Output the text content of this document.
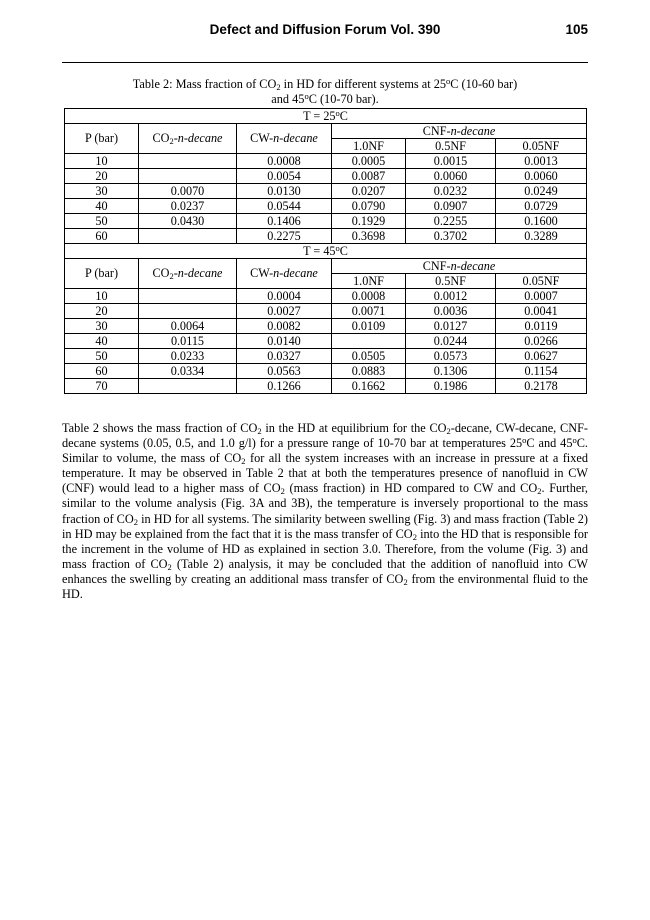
Defect and Diffusion Forum Vol. 390	105
Table 2: Mass fraction of $CO_2$ in HD for different systems at 25$^o$C (10-60 bar)
and 45$^o$C (10-70 bar).
$T = 25^oC$					
P (bar)	$CO_2-n$-decane	CW-n-decane	CNF-n-decane		
			1.0NF	0.5NF	0.05NF
10		0.0008	0.0005	0.0015	0.0013
20		0.0054	0.0087	0.0060	0.0060
30	0.0070	0.0130	0.0207	0.0232	0.0249
40	0.0237	0.0544	0.0790	0.0907	0.0729
50	0.0430	0.1406	0.1929	0.2255	0.1600
60		0.2275	0.3698	0.3702	0.3289
$T = 45^oC$					
P (bar)	$CO_2-n$-decane	CW-n-decane	CNF-n-decane		
			1.0NF	0.5NF	0.05NF
10		0.0004	0.0008	0.0012	0.0007
20		0.0027	0.0071	0.0036	0.0041
30	0.0064	0.0082	0.0109	0.0127	0.0119
40	0.0115	0.0140		0.0244	0.0266
50	0.0233	0.0327	0.0505	0.0573	0.0627
60	0.0334	0.0563	0.0883	0.1306	0.1154
70		0.1266	0.1662	0.1986	0.2178

Table 2 shows the mass fraction of $CO_2$ in the HD at equilibrium for the $CO_2$-decane, CW-decane, CNF-decane systems (0.05, 0.5, and 1.0 g/l) for a pressure range of 10-70 bar at temperatures 25$^o$C and 45$^o$C. Similar to volume, the mass of $CO_2$ for all the system increases with an increase in pressure at a fixed temperature. It may be observed in Table 2 that at both the temperatures presence of nanofluid in CW (CNF) would lead to a higher mass of $CO_2$ (mass fraction) in HD compared to CW and $CO_2$. Further, similar to the volume analysis (Fig. 3A and 3B), the temperature is inversely proportional to the mass fraction of $CO_2$ in HD for all systems. The similarity between swelling (Fig. 3) and mass fraction (Table 2) in HD may be explained from the fact that it is the mass transfer of $CO_2$ into the HD that is responsible for the increment in the volume of HD as explained in section 3.0. Therefore, from the volume (Fig. 3) and mass fraction of $CO_2$ (Table 2) analysis, it may be concluded that the addition of nanofluid into CW enhances the swelling by creating an additional mass transfer of $CO_2$ from the environmental fluid to the HD.
